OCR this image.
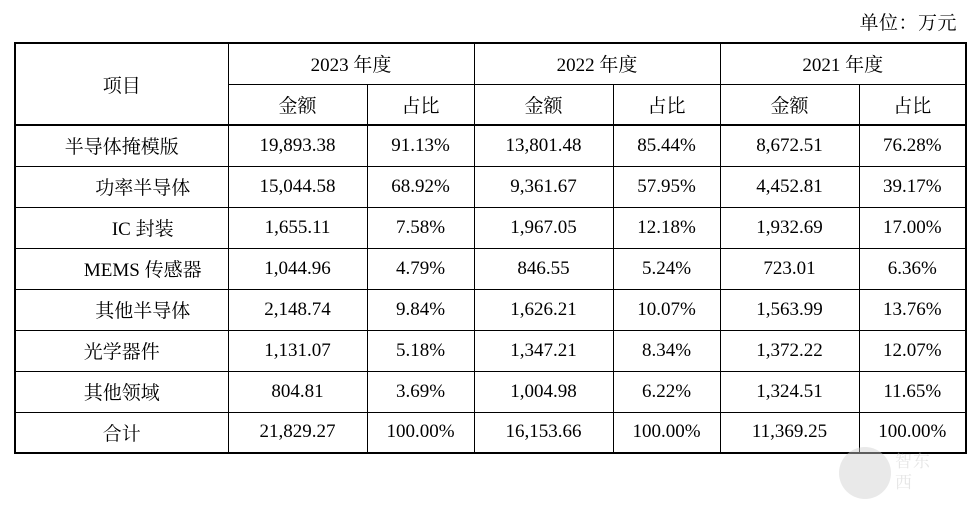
单位：万元
项目	2023 年度		2022 年度		2021 年度	
	金额	占比	金额	占比	金额	占比
半导体掩模版	19,893.38	91.13%	13,801.48	85.44%	8,672.51	76.28%
功率半导体	15,044.58	68.92%	9,361.67	57.95%	4,452.81	39.17%
IC 封装	1,655.11	7.58%	1,967.05	12.18%	1,932.69	17.00%
MEMS 传感器	1,044.96	4.79%	846.55	5.24%	723.01	6.36%
其他半导体	2,148.74	9.84%	1,626.21	10.07%	1,563.99	13.76%
光学器件	1,131.07	5.18%	1,347.21	8.34%	1,372.22	12.07%
其他领域	804.81	3.69%	1,004.98	6.22%	1,324.51	11.65%
合计	21,829.27	100.00%	16,153.66	100.00%	11,369.25	100.00%
智东
西
